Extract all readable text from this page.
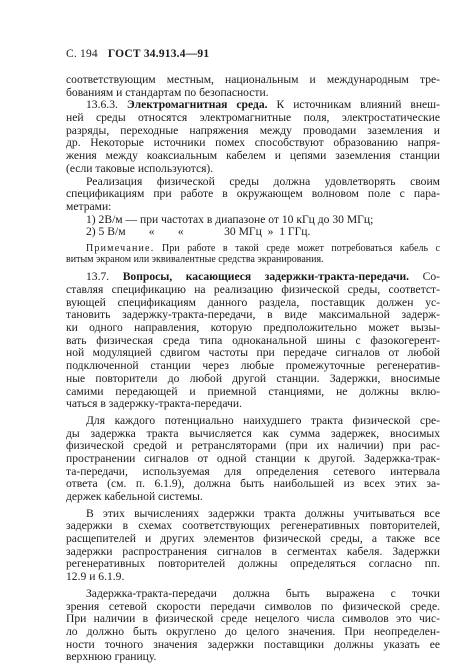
С. 194 ГОСТ 34.913.4—91
соответствующим местным, национальным и международным тре-
бованиям и стандартам по безопасности.
13.6.3. Электромагнитная среда. К источникам влияний внеш-
ней среды относятся электромагнитные поля, электростатические
разряды, переходные напряжения между проводами заземления и
др. Некоторые источники помех способствуют образованию напря-
жения между коаксиальным кабелем и цепями заземления станции
(если таковые используются).
Реализация физической среды должна удовлетворять своим
спецификациям при работе в окружающем волновом поле с пара-
метрами:
1) 2В/м — при частотах в диапазоне от 10 кГц до 30 МГц;
2) 5 В/м        «        «              30 МГц  »  1 ГГц.
Примечание. При работе в такой среде может потребоваться кабель с
витым экраном или эквивалентные средства экранирования.
13.7. Вопросы, касающиеся задержки-тракта-передачи. Со-
ставляя спецификацию на реализацию физической среды, соответст-
вующей спецификациям данного раздела, поставщик должен ус-
тановить задержку-тракта-передачи, в виде максимальной задерж-
ки одного направления, которую предположительно может вызы-
вать физическая среда типа одноканальной шины с фазокогерент-
ной модуляцией сдвигом частоты при передаче сигналов от любой
подключенной станции через любые промежуточные регенератив-
ные повторители до любой другой станции. Задержки, вносимые
самими передающей и приемной станциями, не должны вклю-
чаться в задержку-тракта-передачи.
Для каждого потенциально наихудшего тракта физической сре-
ды задержка тракта вычисляется как сумма задержек, вносимых
физической средой и ретрансляторами (при их наличии) при рас-
пространении сигналов от одной станции к другой. Задержка-трак-
та-передачи, используемая для определения сетевого интервала
ответа (см. п. 6.1.9), должна быть наибольшей из всех этих за-
держек кабельной системы.
В этих вычислениях задержки тракта должны учитываться все
задержки в схемах соответствующих регенеративных повторителей,
расщепителей и других элементов физической среды, а также все
задержки распространения сигналов в сегментах кабеля. Задержки
регенеративных повторителей должны определяться согласно пп.
12.9 и 6.1.9.
Задержка-тракта-передачи должна быть выражена с точки
зрения сетевой скорости передачи символов по физической среде.
При наличии в физической среде нецелого числа символов это чис-
ло должно быть округлено до целого значения. При неопределен-
ности точного значения задержки поставщики должны указать ее
верхнюю границу.
